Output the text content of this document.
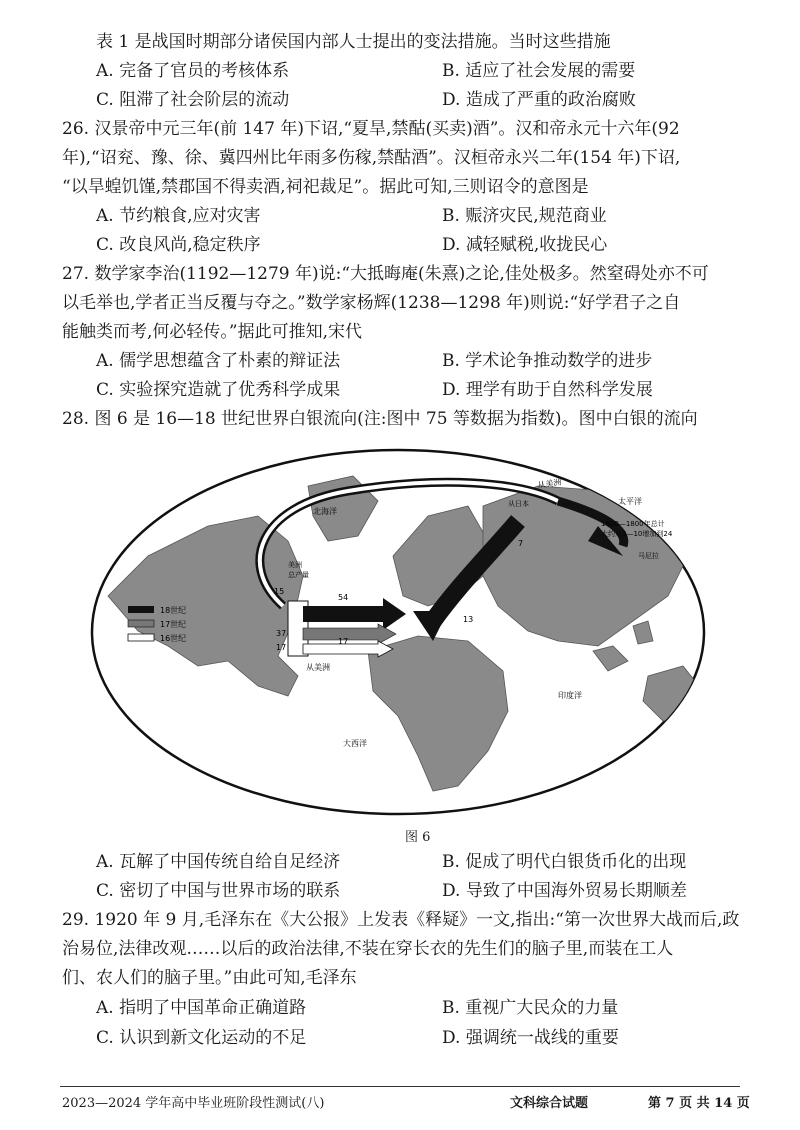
表 1 是战国时期部分诸侯国内部人士提出的变法措施。当时这些措施
A. 完备了官员的考核体系	B. 适应了社会发展的需要
C. 阻滞了社会阶层的流动	D. 造成了严重的政治腐败
26. 汉景帝中元三年(前 147 年)下诏,“夏旱,禁酤(买卖)酒”。汉和帝永元十六年(92
年),“诏兖、豫、徐、冀四州比年雨多伤稼,禁酤酒”。汉桓帝永兴二年(154 年)下诏,
“以旱蝗饥馑,禁郡国不得卖酒,祠祀裁足”。据此可知,三则诏令的意图是
A. 节约粮食,应对灾害	B. 赈济灾民,规范商业
C. 改良风尚,稳定秩序	D. 减轻赋税,收拢民心
27. 数学家李治(1192—1279 年)说:“大抵晦庵(朱熹)之论,佳处极多。然窒碍处亦不可
以毛举也,学者正当反覆与夺之。”数学家杨辉(1238—1298 年)则说:“好学君子之自
能触类而考,何必轻传。”据此可推知,宋代
A. 儒学思想蕴含了朴素的辩证法	B. 学术论争推动数学的进步
C. 实验探究造就了优秀科学成果	D. 理学有助于自然科学发展
28. 图 6 是 16—18 世纪世界白银流向(注:图中 75 等数据为指数)。图中白银的流向
18世纪
17世纪
16世纪
北海洋
太平洋
印度洋
大西洋
从美洲
从美洲
美洲
总产量
马尼拉
从日本
1600—1800年总计
大约从3—10增加到24
54
15
37
17
17
7
13
图 6
A. 瓦解了中国传统自给自足经济	B. 促成了明代白银货币化的出现
C. 密切了中国与世界市场的联系	D. 导致了中国海外贸易长期顺差
29. 1920 年 9 月,毛泽东在《大公报》上发表《释疑》一文,指出:“第一次世界大战而后,政
治易位,法律改观……以后的政治法律,不装在穿长衣的先生们的脑子里,而装在工人
们、农人们的脑子里。”由此可知,毛泽东
A. 指明了中国革命正确道路	B. 重视广大民众的力量
C. 认识到新文化运动的不足	D. 强调统一战线的重要
2023—2024 学年高中毕业班阶段性测试(八)	文科综合试题	第 7 页 共 14 页
